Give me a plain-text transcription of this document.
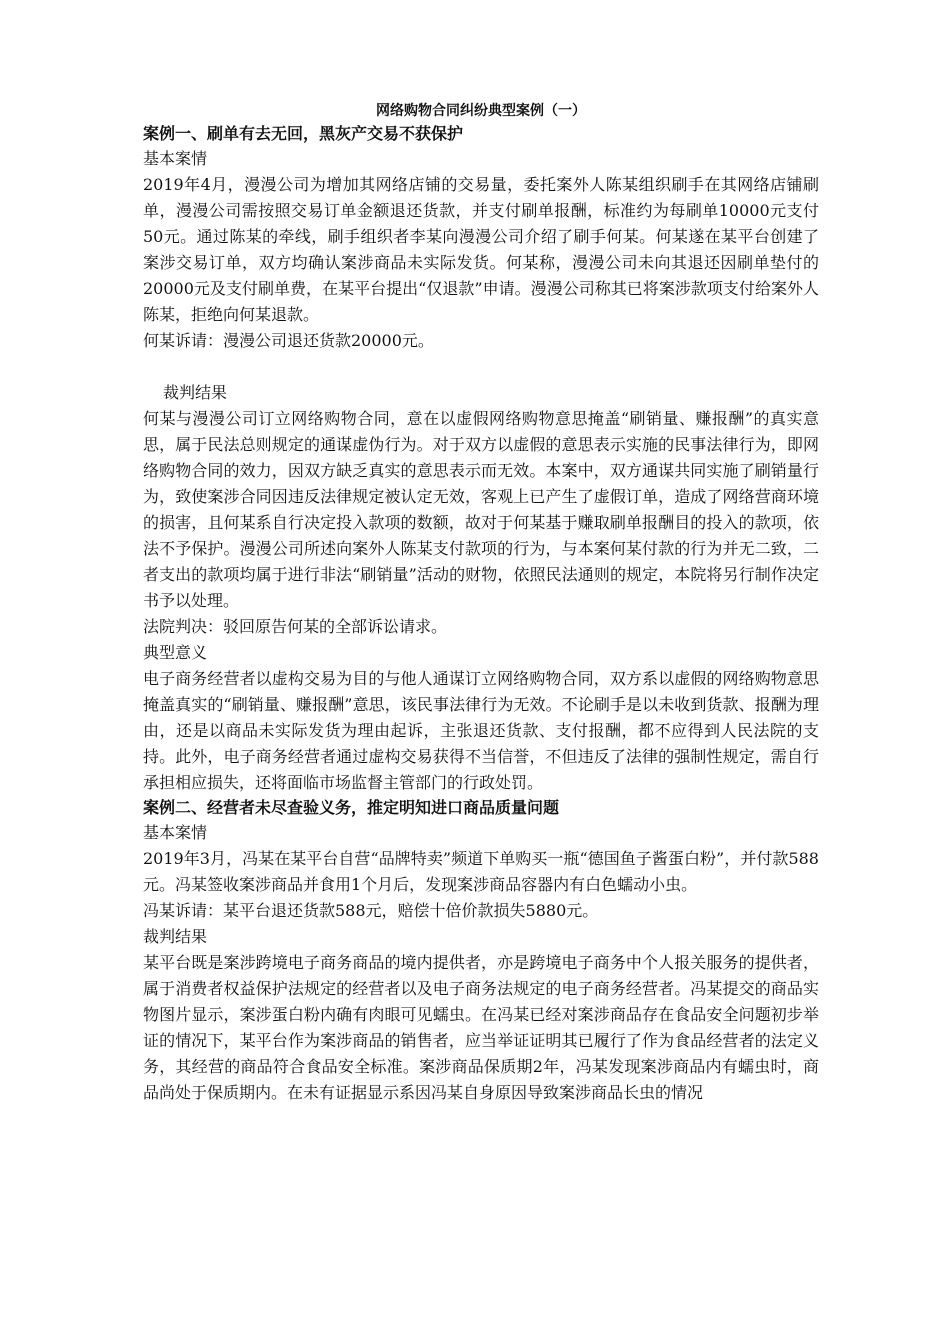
网络购物合同纠纷典型案例（一）

案例一、刷单有去无回，黑灰产交易不获保护

基本案情

2019年4月，漫漫公司为增加其网络店铺的交易量，委托案外人陈某组织刷手在其网络店铺刷单，漫漫公司需按照交易订单金额退还货款，并支付刷单报酬，标准约为每刷单10000元支付50元。通过陈某的牵线，刷手组织者李某向漫漫公司介绍了刷手何某。何某遂在某平台创建了案涉交易订单，双方均确认案涉商品未实际发货。何某称，漫漫公司未向其退还因刷单垫付的20000元及支付刷单费，在某平台提出“仅退款”申请。漫漫公司称其已将案涉款项支付给案外人陈某，拒绝向何某退款。

何某诉请：漫漫公司退还货款20000元。

裁判结果

何某与漫漫公司订立网络购物合同，意在以虚假网络购物意思掩盖“刷销量、赚报酬”的真实意思，属于民法总则规定的通谋虚伪行为。对于双方以虚假的意思表示实施的民事法律行为，即网络购物合同的效力，因双方缺乏真实的意思表示而无效。本案中，双方通谋共同实施了刷销量行为，致使案涉合同因违反法律规定被认定无效，客观上已产生了虚假订单，造成了网络营商环境的损害，且何某系自行决定投入款项的数额，故对于何某基于赚取刷单报酬目的投入的款项，依法不予保护。漫漫公司所述向案外人陈某支付款项的行为，与本案何某付款的行为并无二致，二者支出的款项均属于进行非法“刷销量”活动的财物，依照民法通则的规定，本院将另行制作决定书予以处理。

法院判决：驳回原告何某的全部诉讼请求。

典型意义

电子商务经营者以虚构交易为目的与他人通谋订立网络购物合同，双方系以虚假的网络购物意思掩盖真实的“刷销量、赚报酬”意思，该民事法律行为无效。不论刷手是以未收到货款、报酬为理由，还是以商品未实际发货为理由起诉，主张退还货款、支付报酬，都不应得到人民法院的支持。此外，电子商务经营者通过虚构交易获得不当信誉，不但违反了法律的强制性规定，需自行承担相应损失，还将面临市场监督主管部门的行政处罚。

案例二、经营者未尽查验义务，推定明知进口商品质量问题

基本案情

2019年3月，冯某在某平台自营“品牌特卖”频道下单购买一瓶“德国鱼子酱蛋白粉”，并付款588元。冯某签收案涉商品并食用1个月后，发现案涉商品容器内有白色蠕动小虫。

冯某诉请：某平台退还货款588元，赔偿十倍价款损失5880元。

裁判结果

某平台既是案涉跨境电子商务商品的境内提供者，亦是跨境电子商务中个人报关服务的提供者，属于消费者权益保护法规定的经营者以及电子商务法规定的电子商务经营者。冯某提交的商品实物图片显示，案涉蛋白粉内确有肉眼可见蠕虫。在冯某已经对案涉商品存在食品安全问题初步举证的情况下，某平台作为案涉商品的销售者，应当举证证明其已履行了作为食品经营者的法定义务，其经营的商品符合食品安全标准。案涉商品保质期2年，冯某发现案涉商品内有蠕虫时，商品尚处于保质期内。在未有证据显示系因冯某自身原因导致案涉商品长虫的情况
